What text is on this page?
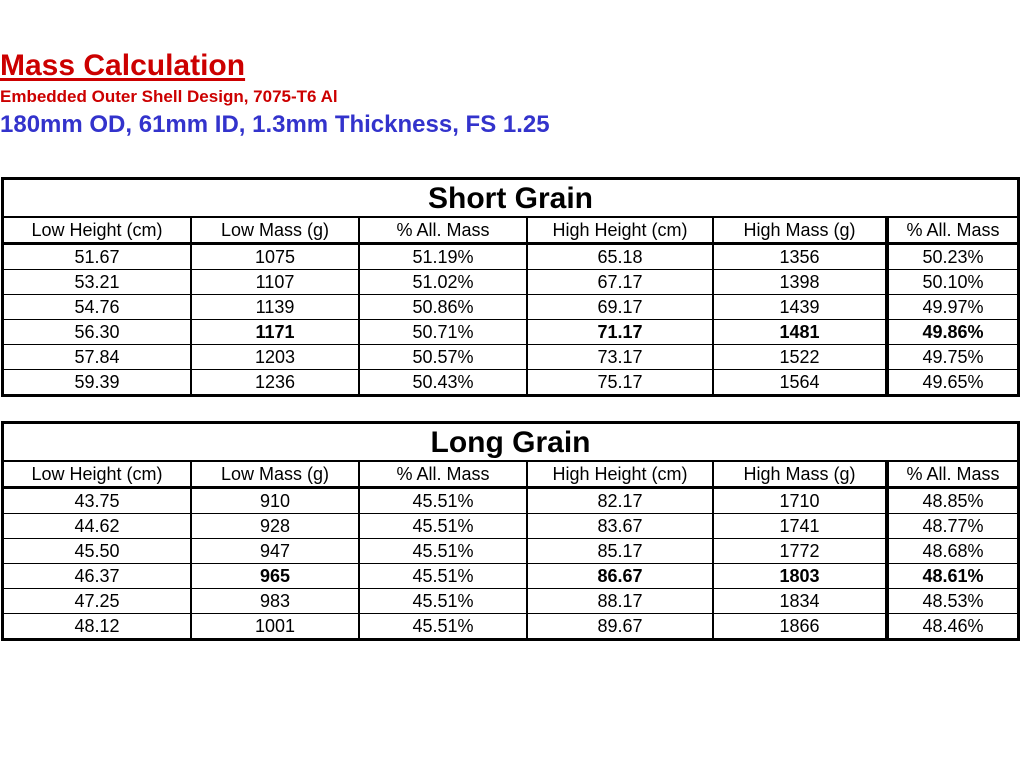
Mass Calculation
Embedded Outer Shell Design, 7075-T6 Al
180mm OD, 61mm ID, 1.3mm Thickness, FS 1.25
Short Grain
Low Height (cm)	Low Mass (g)	% All. Mass	High Height (cm)	High Mass (g)	% All. Mass
51.67	1075	51.19%	65.18	1356	50.23%
53.21	1107	51.02%	67.17	1398	50.10%
54.76	1139	50.86%	69.17	1439	49.97%
56.30	1171	50.71%	71.17	1481	49.86%
57.84	1203	50.57%	73.17	1522	49.75%
59.39	1236	50.43%	75.17	1564	49.65%
Long Grain
Low Height (cm)	Low Mass (g)	% All. Mass	High Height (cm)	High Mass (g)	% All. Mass
43.75	910	45.51%	82.17	1710	48.85%
44.62	928	45.51%	83.67	1741	48.77%
45.50	947	45.51%	85.17	1772	48.68%
46.37	965	45.51%	86.67	1803	48.61%
47.25	983	45.51%	88.17	1834	48.53%
48.12	1001	45.51%	89.67	1866	48.46%
